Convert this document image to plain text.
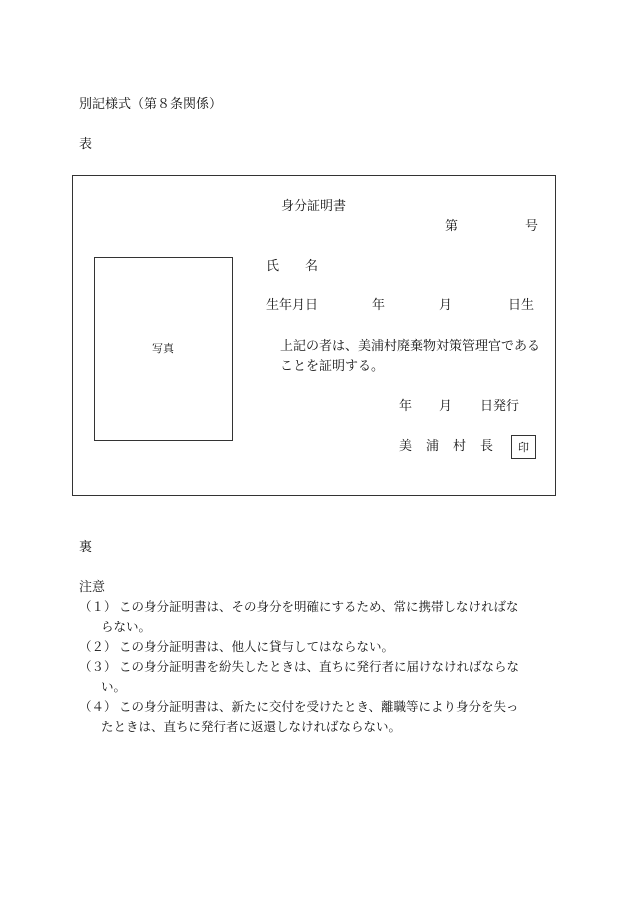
別記様式（第８条関係）
表
身分証明書
第	号
写真
氏 名
生年月日	年	月	日生
上記の者は、美浦村廃棄物対策管理官である
ことを証明する。
年 月 日発行
美 浦 村 長 印
裏
注意
（１） この身分証明書は、その身分を明確にするため、常に携帯しなければな
らない。
（２） この身分証明書は、他人に貸与してはならない。
（３） この身分証明書を紛失したときは、直ちに発行者に届けなければならな
い。
（４） この身分証明書は、新たに交付を受けたとき、離職等により身分を失っ
たときは、直ちに発行者に返還しなければならない。
